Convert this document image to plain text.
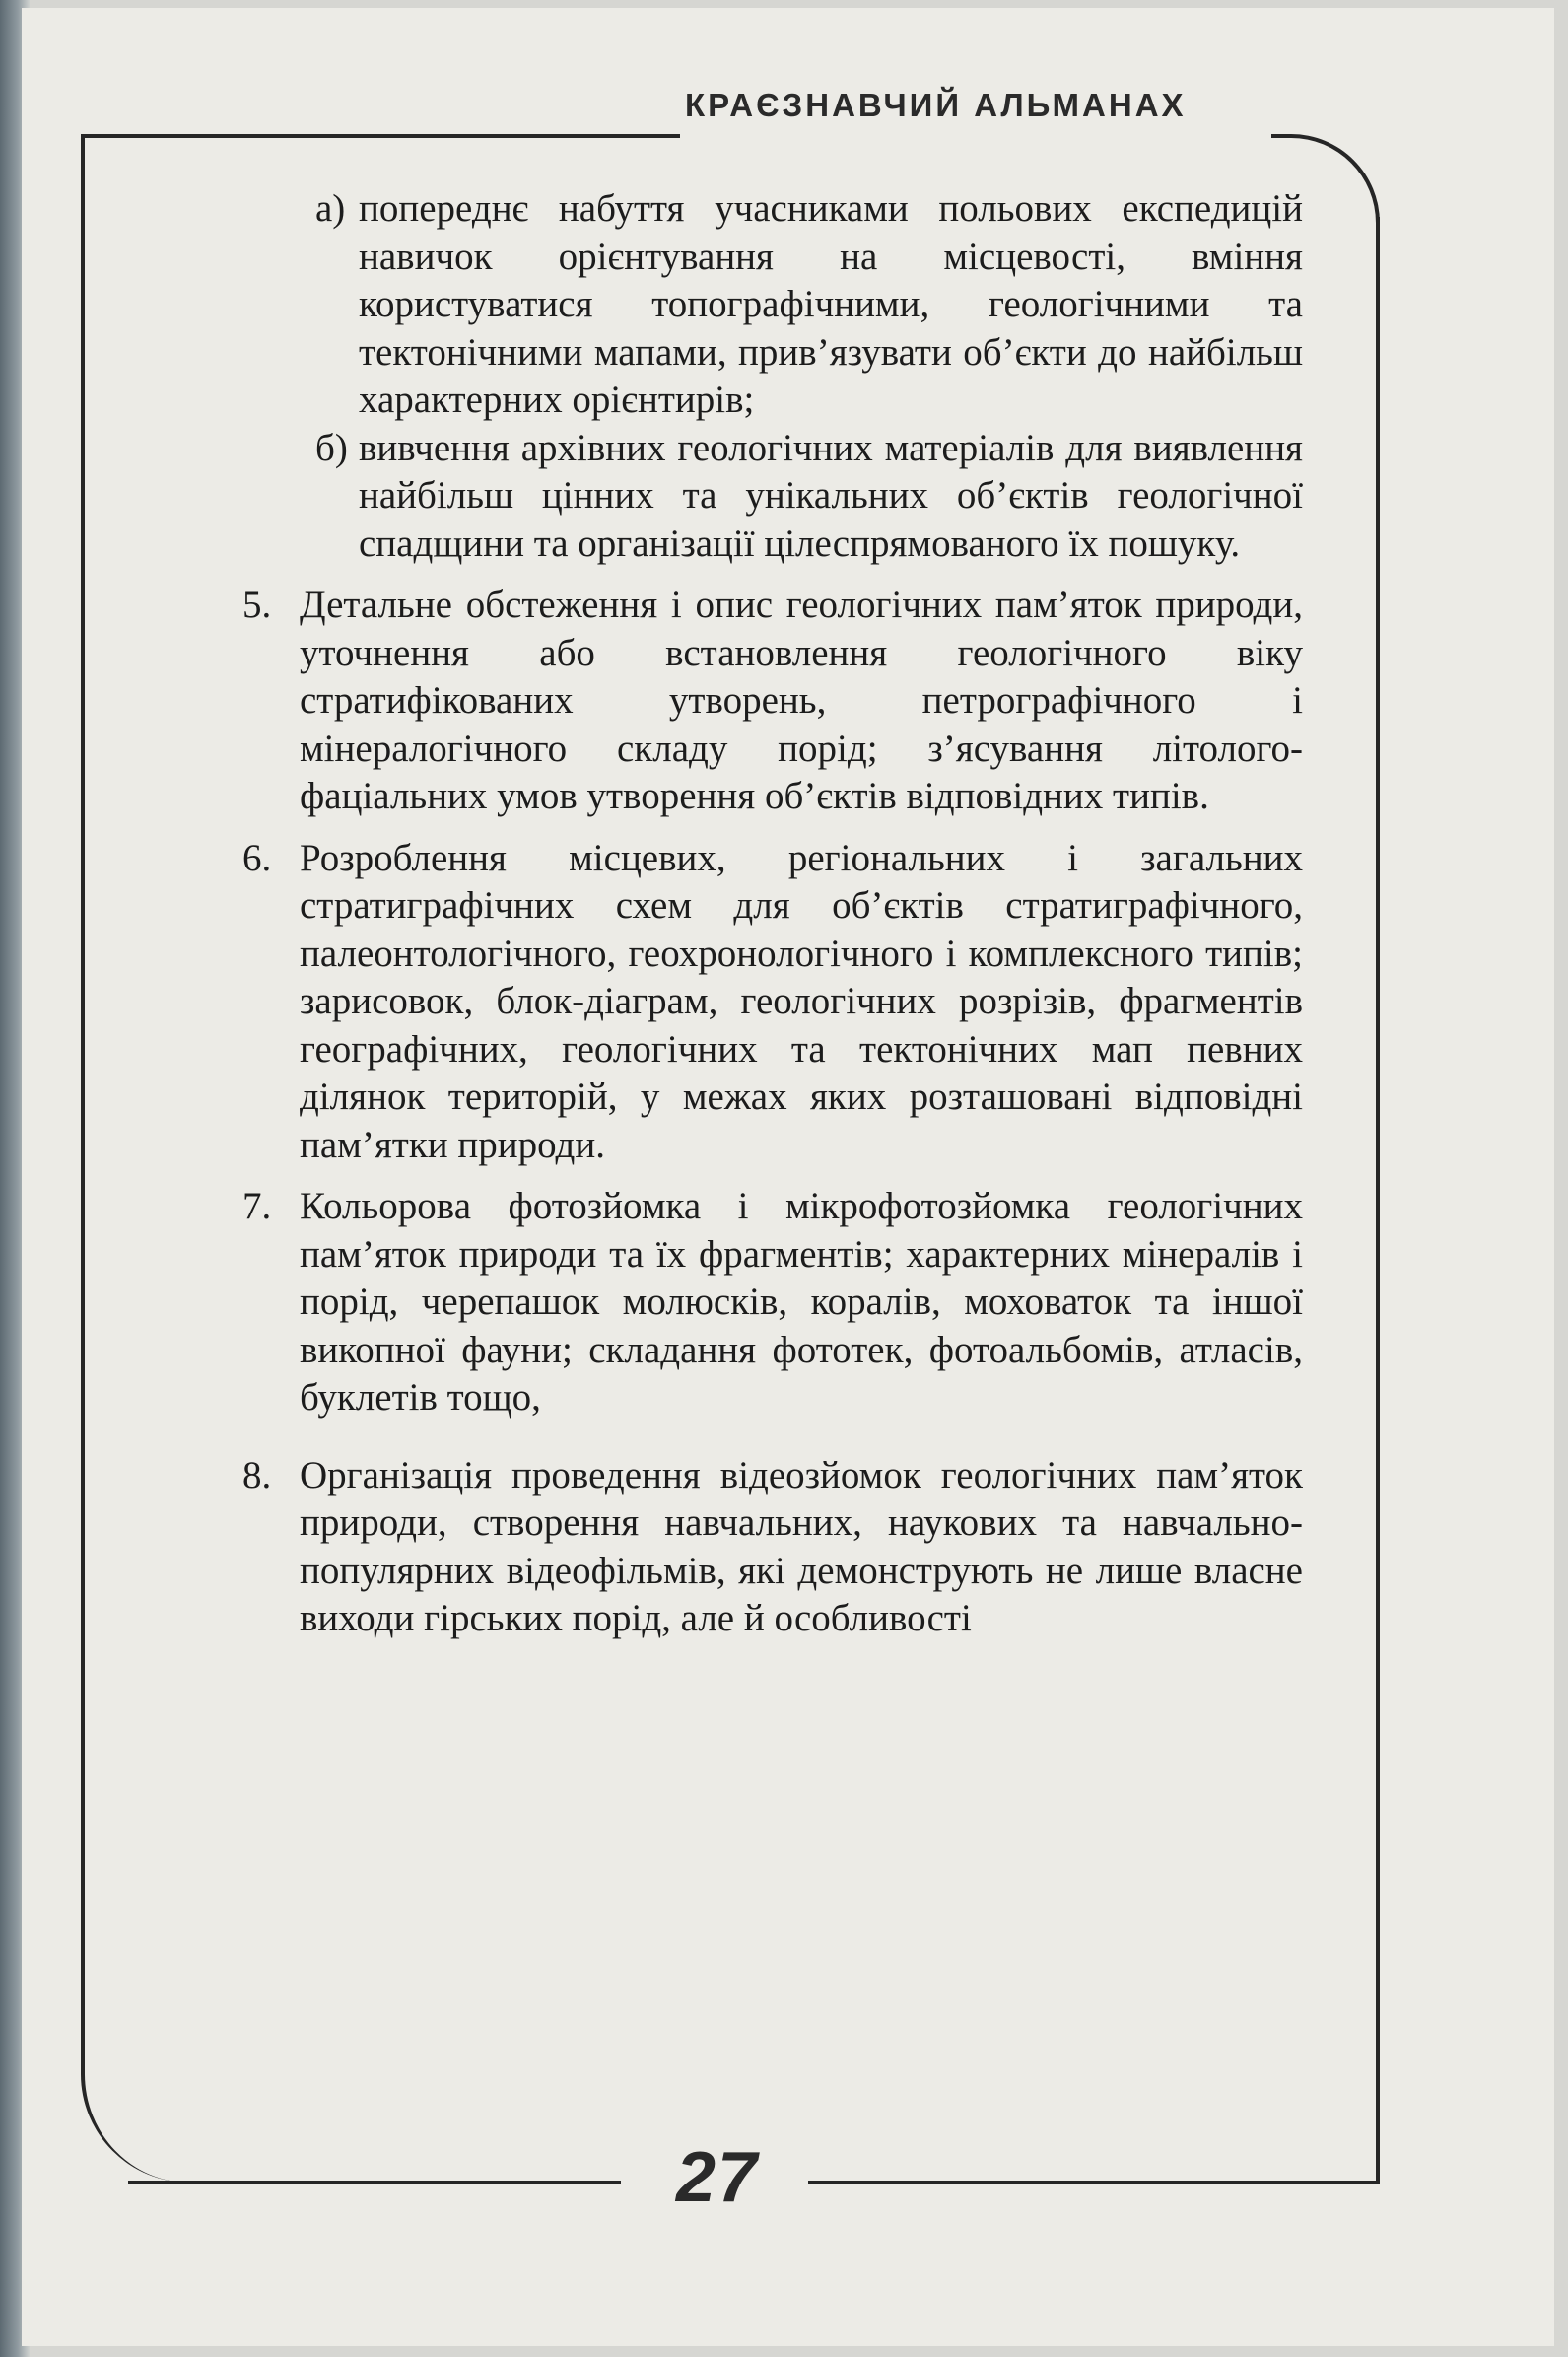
КРАЄЗНАВЧИЙ АЛЬМАНАХ
а) попереднє набуття учасниками польових експедицій навичок орієнтування на місцевості, вміння користуватися топографічними, геологічними та тектонічними мапами, прив’язувати об’єкти до найбільш характерних орієнтирів;
б) вивчення архівних геологічних матеріалів для виявлення найбільш цінних та унікальних об’єктів геологічної спадщини та організації цілеспрямованого їх пошуку.
5. Детальне обстеження і опис геологічних пам’яток природи, уточнення або встановлення геологічного віку стратифікованих утворень, петрографічного і мінералогічного складу порід; з’ясування літолого-фаціальних умов утворення об’єктів відповідних типів.
6. Розроблення місцевих, регіональних і загальних стратиграфічних схем для об’єктів стратиграфічного, палеонтологічного, геохронологічного і комплексного типів; зарисовок, блок-діаграм, геологічних розрізів, фрагментів географічних, геологічних та тектонічних мап певних ділянок територій, у межах яких розташовані відповідні пам’ятки природи.
7. Кольорова фотозйомка і мікрофотозйомка геологічних пам’яток природи та їх фрагментів; характерних мінералів і порід, черепашок молюсків, коралів, моховаток та іншої викопної фауни; складання фототек, фотоальбомів, атласів, буклетів тощо,
8. Організація проведення відеозйомок геологічних пам’яток природи, створення навчальних, наукових та навчально-популярних відеофільмів, які демонструють не лише власне виходи гірських порід, але й особливості
27
